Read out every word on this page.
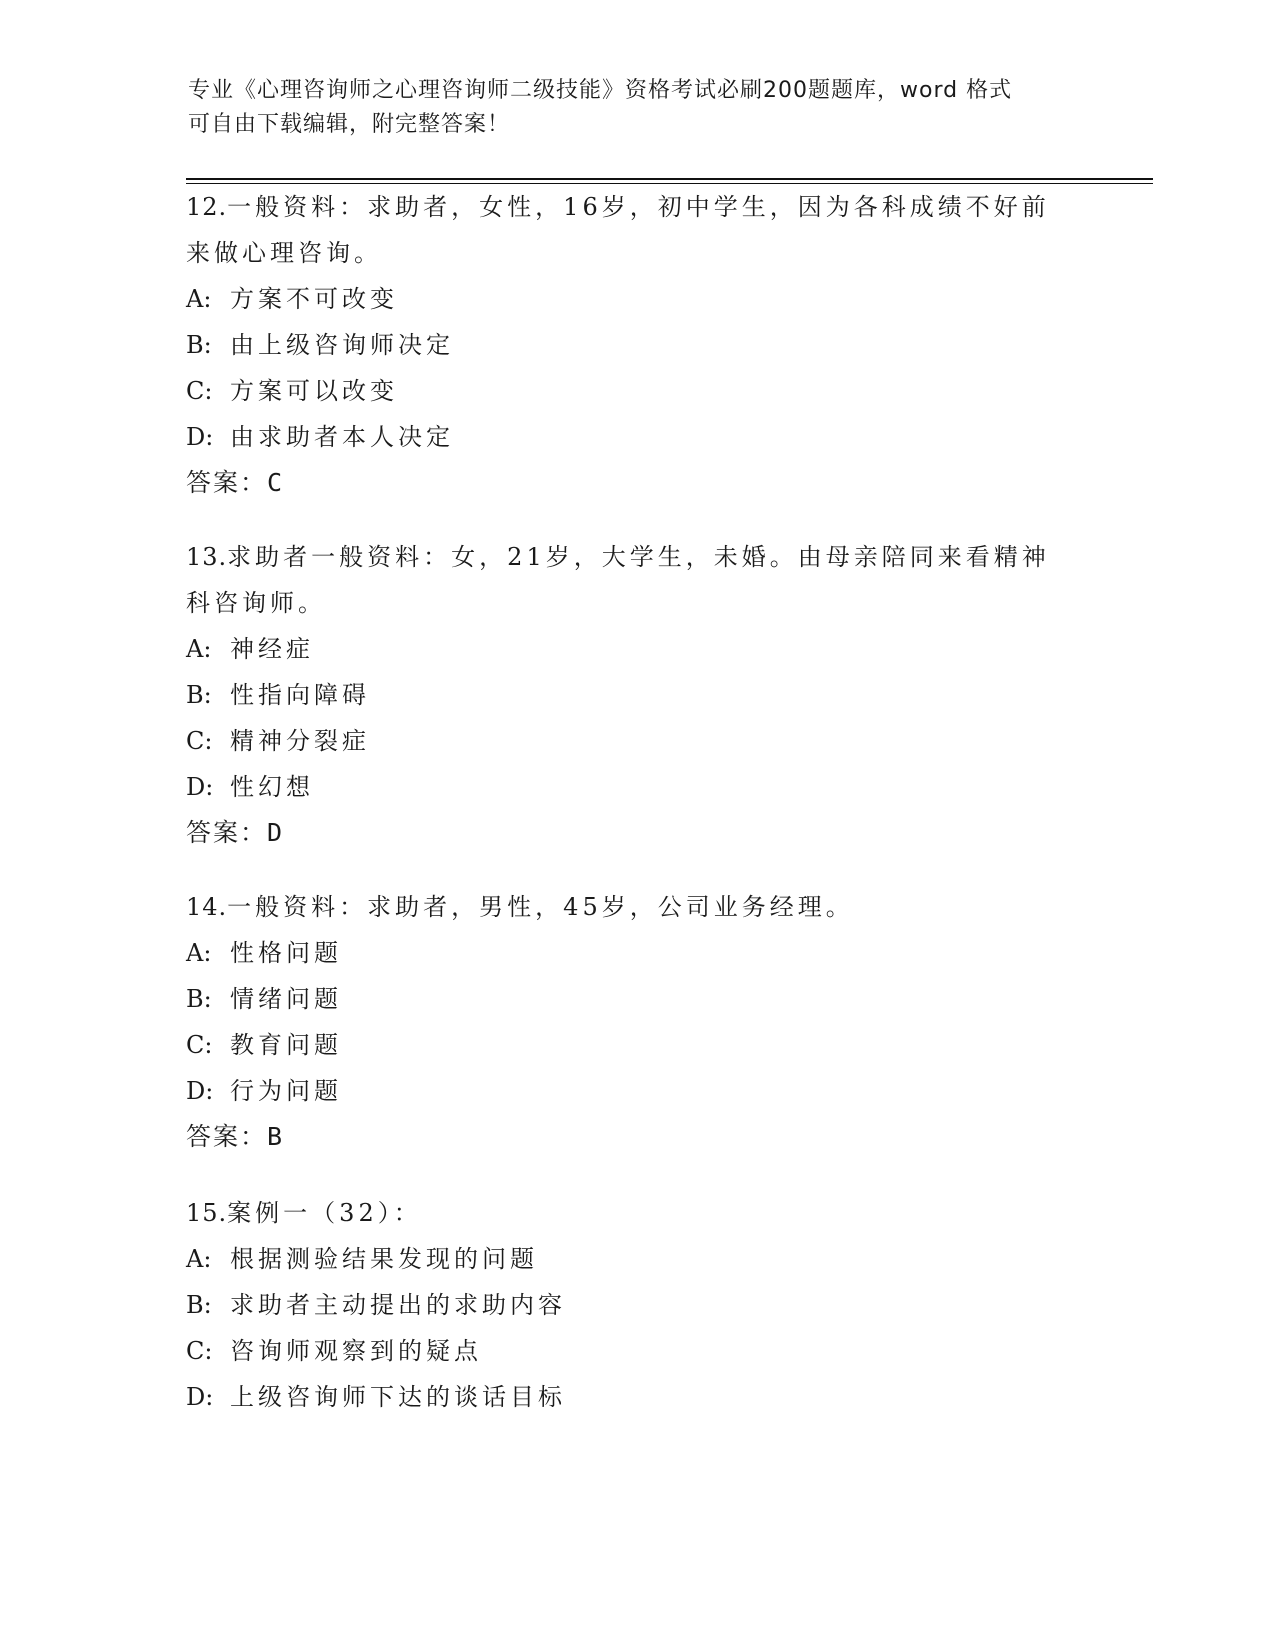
专业《心理咨询师之心理咨询师二级技能》资格考试必刷200题题库，word 格式
可自由下载编辑，附完整答案！
12.一般资料：求助者，女性，16岁，初中学生，因为各科成绩不好前
来做心理咨询。
A: 方案不可改变
B: 由上级咨询师决定
C: 方案可以改变
D: 由求助者本人决定
答案：C
13.求助者一般资料：女，21岁，大学生，未婚。由母亲陪同来看精神
科咨询师。
A: 神经症
B: 性指向障碍
C: 精神分裂症
D: 性幻想
答案：D
14.一般资料：求助者，男性，45岁，公司业务经理。
A: 性格问题
B: 情绪问题
C: 教育问题
D: 行为问题
答案：B
15.案例一（32）：
A: 根据测验结果发现的问题
B: 求助者主动提出的求助内容
C: 咨询师观察到的疑点
D: 上级咨询师下达的谈话目标
